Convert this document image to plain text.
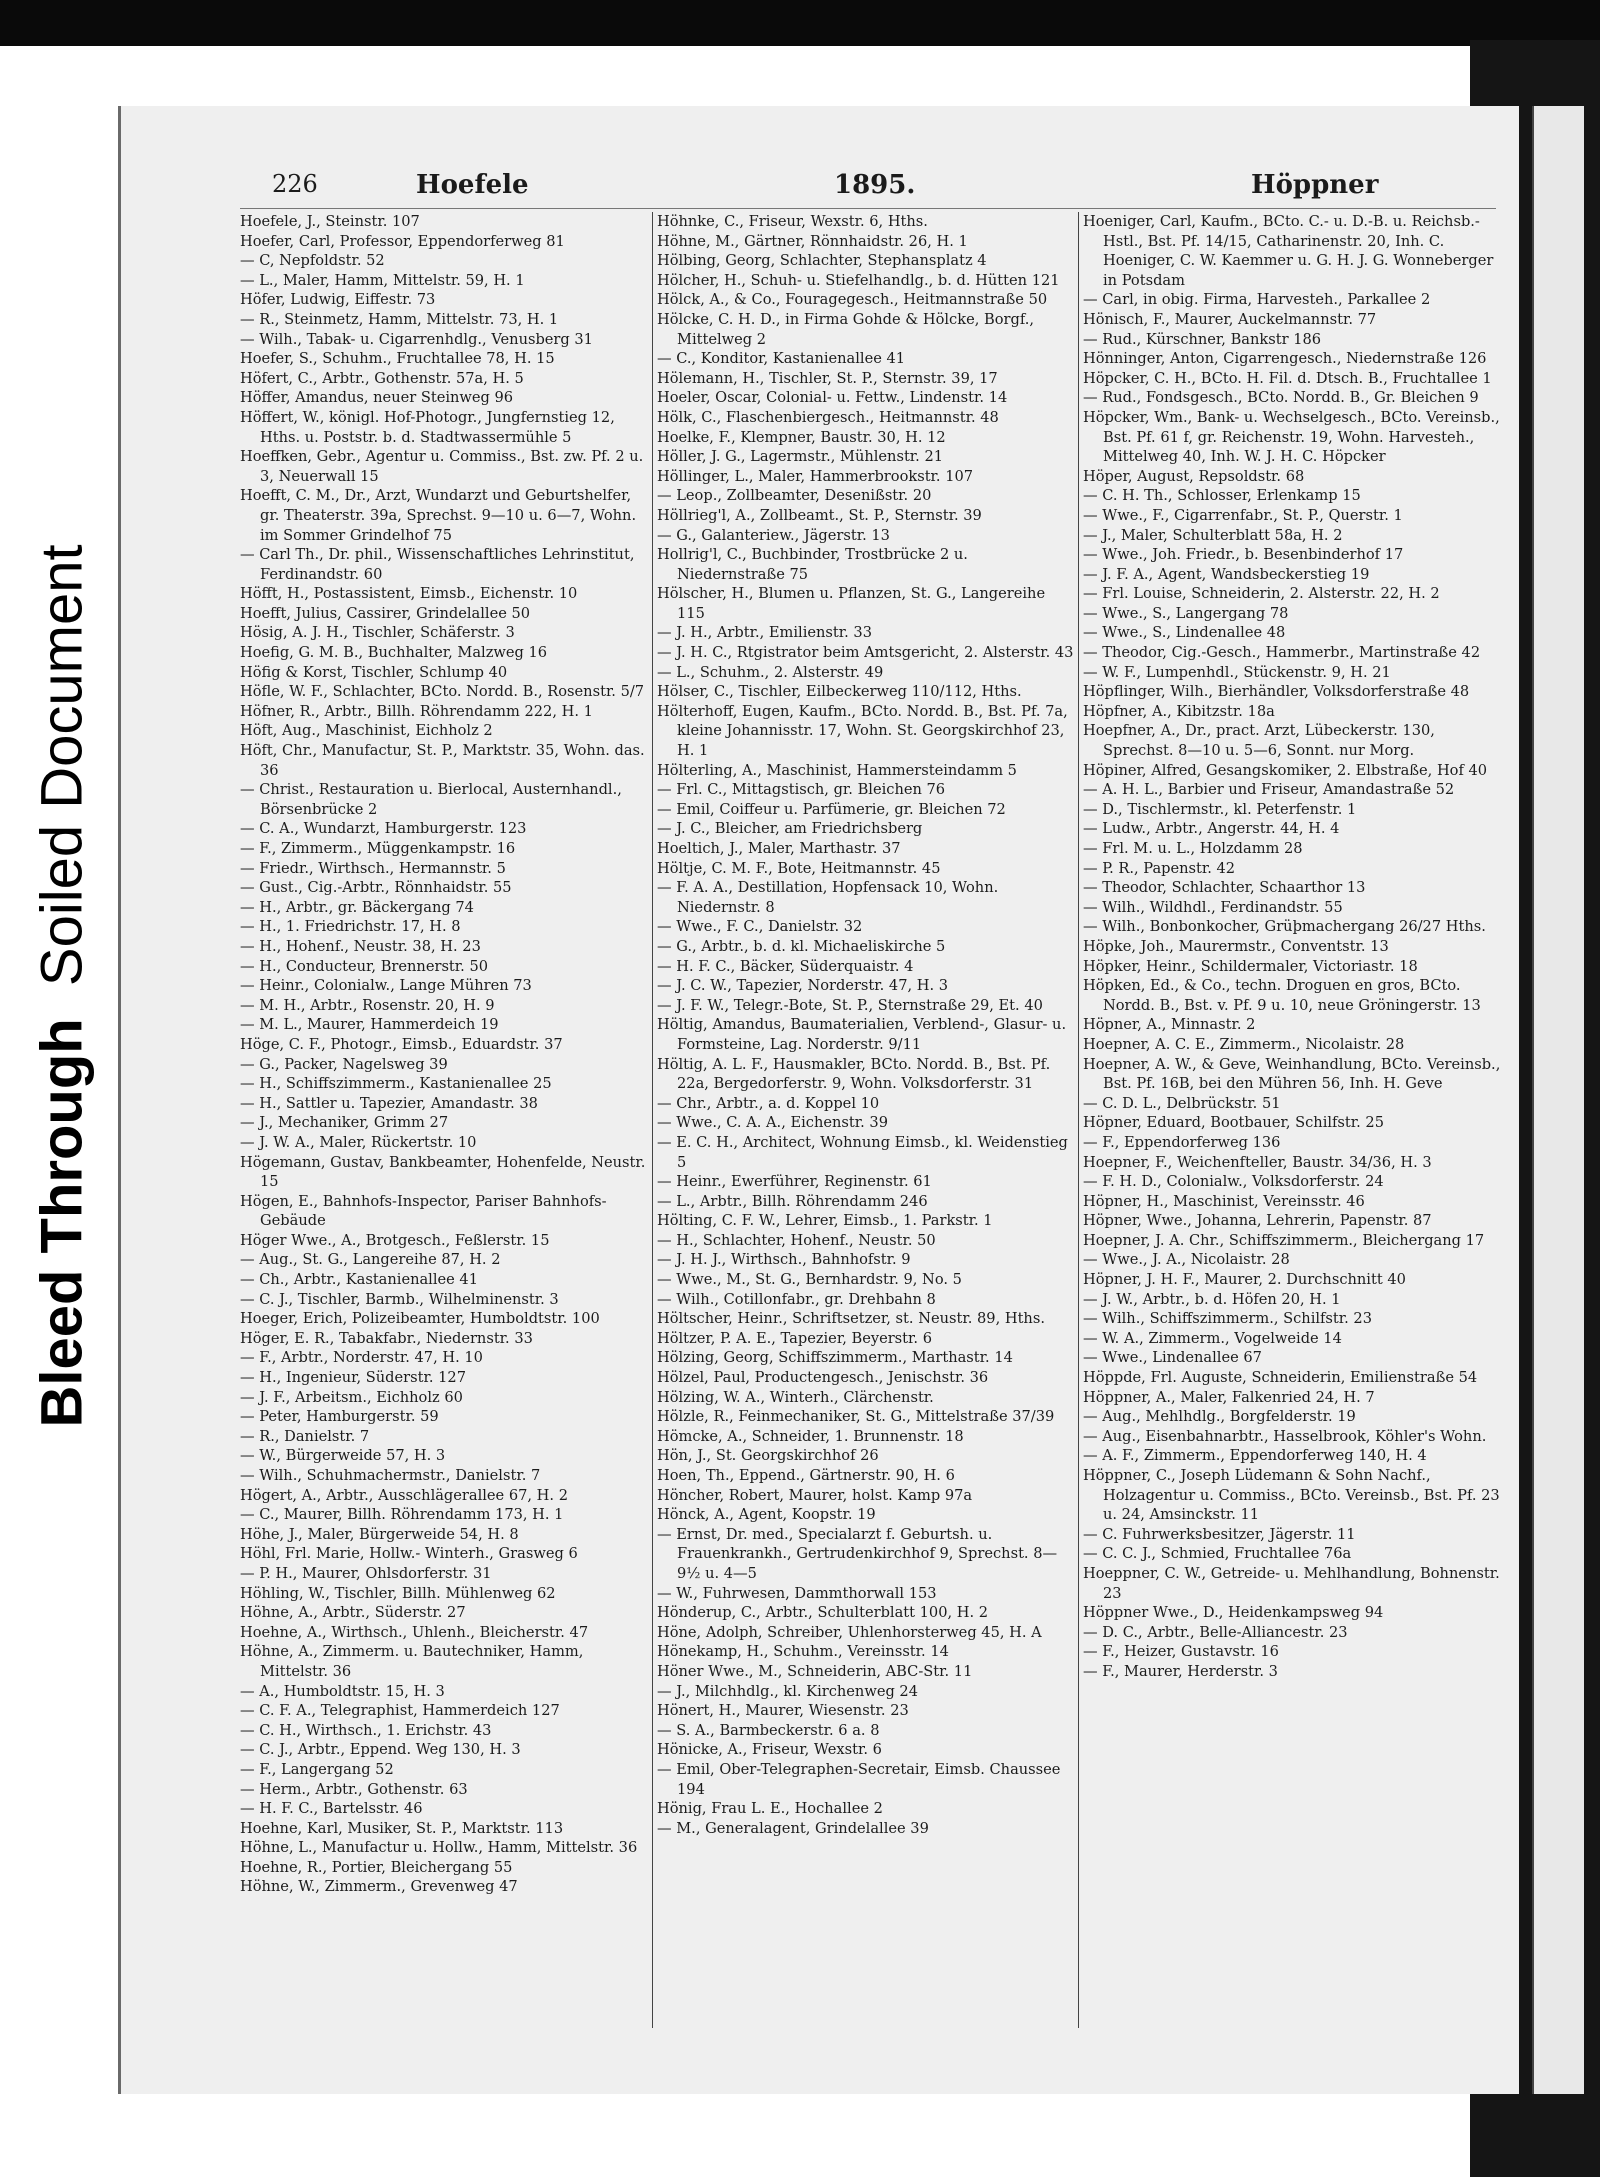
Bleed Through  Soiled Document
226	Hoefele	1895.	Höppner
Hoefele, J., Steinstr. 107
Hoefer, Carl, Professor, Eppendorferweg 81
— C, Nepfoldstr. 52
— L., Maler, Hamm, Mittelstr. 59, H. 1
Höfer, Ludwig, Eiffestr. 73
— R., Steinmetz, Hamm, Mittelstr. 73, H. 1
— Wilh., Tabak- u. Cigarrenhdlg., Venusberg 31
Hoefer, S., Schuhm., Fruchtallee 78, H. 15
Höfert, C., Arbtr., Gothenstr. 57a, H. 5
Höffer, Amandus, neuer Steinweg 96
Höffert, W., königl. Hof-Photogr., Jungfernstieg 12, Hths. u. Poststr. b. d. Stadtwassermühle 5
Hoeffken, Gebr., Agentur u. Commiss., Bst. zw. Pf. 2 u. 3, Neuerwall 15
Hoefft, C. M., Dr., Arzt, Wundarzt und Geburtshelfer, gr. Theaterstr. 39a, Sprechst. 9—10 u. 6—7, Wohn. im Sommer Grindelhof 75
— Carl Th., Dr. phil., Wissenschaftliches Lehrinstitut, Ferdinandstr. 60
Höfft, H., Postassistent, Eimsb., Eichenstr. 10
Hoefft, Julius, Cassirer, Grindelallee 50
Hösig, A. J. H., Tischler, Schäferstr. 3
Hoefig, G. M. B., Buchhalter, Malzweg 16
Höfig & Korst, Tischler, Schlump 40
Höfle, W. F., Schlachter, BCto. Nordd. B., Rosenstr. 5/7
Höfner, R., Arbtr., Billh. Röhrendamm 222, H. 1
Höft, Aug., Maschinist, Eichholz 2
Höft, Chr., Manufactur, St. P., Marktstr. 35, Wohn. das. 36
— Christ., Restauration u. Bierlocal, Austernhandl., Börsenbrücke 2
— C. A., Wundarzt, Hamburgerstr. 123
— F., Zimmerm., Müggenkampstr. 16
— Friedr., Wirthsch., Hermannstr. 5
— Gust., Cig.-Arbtr., Rönnhaidstr. 55
— H., Arbtr., gr. Bäckergang 74
— H., 1. Friedrichstr. 17, H. 8
— H., Hohenf., Neustr. 38, H. 23
— H., Conducteur, Brennerstr. 50
— Heinr., Colonialw., Lange Mühren 73
— M. H., Arbtr., Rosenstr. 20, H. 9
— M. L., Maurer, Hammerdeich 19
Höge, C. F., Photogr., Eimsb., Eduardstr. 37
— G., Packer, Nagelsweg 39
— H., Schiffszimmerm., Kastanienallee 25
— H., Sattler u. Tapezier, Amandastr. 38
— J., Mechaniker, Grimm 27
— J. W. A., Maler, Rückertstr. 10
Högemann, Gustav, Bankbeamter, Hohenfelde, Neustr. 15
Högen, E., Bahnhofs-Inspector, Pariser Bahnhofs-Gebäude
Höger Wwe., A., Brotgesch., Feßlerstr. 15
— Aug., St. G., Langereihe 87, H. 2
— Ch., Arbtr., Kastanienallee 41
— C. J., Tischler, Barmb., Wilhelminenstr. 3
Hoeger, Erich, Polizeibeamter, Humboldtstr. 100
Höger, E. R., Tabakfabr., Niedernstr. 33
— F., Arbtr., Norderstr. 47, H. 10
— H., Ingenieur, Süderstr. 127
— J. F., Arbeitsm., Eichholz 60
— Peter, Hamburgerstr. 59
— R., Danielstr. 7
— W., Bürgerweide 57, H. 3
— Wilh., Schuhmachermstr., Danielstr. 7
Högert, A., Arbtr., Ausschlägerallee 67, H. 2
— C., Maurer, Billh. Röhrendamm 173, H. 1
Höhe, J., Maler, Bürgerweide 54, H. 8
Höhl, Frl. Marie, Hollw.- Winterh., Grasweg 6
— P. H., Maurer, Ohlsdorferstr. 31
Höhling, W., Tischler, Billh. Mühlenweg 62
Höhne, A., Arbtr., Süderstr. 27
Hoehne, A., Wirthsch., Uhlenh., Bleicherstr. 47
Höhne, A., Zimmerm. u. Bautechniker, Hamm, Mittelstr. 36
— A., Humboldtstr. 15, H. 3
— C. F. A., Telegraphist, Hammerdeich 127
— C. H., Wirthsch., 1. Erichstr. 43
— C. J., Arbtr., Eppend. Weg 130, H. 3
— F., Langergang 52
— Herm., Arbtr., Gothenstr. 63
— H. F. C., Bartelsstr. 46
Hoehne, Karl, Musiker, St. P., Marktstr. 113
Höhne, L., Manufactur u. Hollw., Hamm, Mittelstr. 36
Hoehne, R., Portier, Bleichergang 55
Höhne, W., Zimmerm., Grevenweg 47
Höhnke, C., Friseur, Wexstr. 6, Hths.
Höhne, M., Gärtner, Rönnhaidstr. 26, H. 1
Hölbing, Georg, Schlachter, Stephansplatz 4
Hölcher, H., Schuh- u. Stiefelhandlg., b. d. Hütten 121
Hölck, A., & Co., Fouragegesch., Heitmannstraße 50
Hölcke, C. H. D., in Firma Gohde & Hölcke, Borgf., Mittelweg 2
— C., Konditor, Kastanienallee 41
Hölemann, H., Tischler, St. P., Sternstr. 39, 17
Hoeler, Oscar, Colonial- u. Fettw., Lindenstr. 14
Hölk, C., Flaschenbiergesch., Heitmannstr. 48
Hoelke, F., Klempner, Baustr. 30, H. 12
Höller, J. G., Lagermstr., Mühlenstr. 21
Höllinger, L., Maler, Hammerbrookstr. 107
— Leop., Zollbeamter, Desenißstr. 20
Höllrieg'l, A., Zollbeamt., St. P., Sternstr. 39
— G., Galanteriew., Jägerstr. 13
Hollrig'l, C., Buchbinder, Trostbrücke 2 u. Niedernstraße 75
Hölscher, H., Blumen u. Pflanzen, St. G., Langereihe 115
— J. H., Arbtr., Emilienstr. 33
— J. H. C., Rtgistrator beim Amtsgericht, 2. Alsterstr. 43
— L., Schuhm., 2. Alsterstr. 49
Hölser, C., Tischler, Eilbeckerweg 110/112, Hths.
Hölterhoff, Eugen, Kaufm., BCto. Nordd. B., Bst. Pf. 7a, kleine Johannisstr. 17, Wohn. St. Georgskirchhof 23, H. 1
Hölterling, A., Maschinist, Hammersteindamm 5
— Frl. C., Mittagstisch, gr. Bleichen 76
— Emil, Coiffeur u. Parfümerie, gr. Bleichen 72
— J. C., Bleicher, am Friedrichsberg
Hoeltich, J., Maler, Marthastr. 37
Höltje, C. M. F., Bote, Heitmannstr. 45
— F. A. A., Destillation, Hopfensack 10, Wohn. Niedernstr. 8
— Wwe., F. C., Danielstr. 32
— G., Arbtr., b. d. kl. Michaeliskirche 5
— H. F. C., Bäcker, Süderquaistr. 4
— J. C. W., Tapezier, Norderstr. 47, H. 3
— J. F. W., Telegr.-Bote, St. P., Sternstraße 29, Et. 40
Höltig, Amandus, Baumaterialien, Verblend-, Glasur- u. Formsteine, Lag. Norderstr. 9/11
Höltig, A. L. F., Hausmakler, BCto. Nordd. B., Bst. Pf. 22a, Bergedorferstr. 9, Wohn. Volksdorferstr. 31
— Chr., Arbtr., a. d. Koppel 10
— Wwe., C. A. A., Eichenstr. 39
— E. C. H., Architect, Wohnung Eimsb., kl. Weidenstieg 5
— Heinr., Ewerführer, Reginenstr. 61
— L., Arbtr., Billh. Röhrendamm 246
Hölting, C. F. W., Lehrer, Eimsb., 1. Parkstr. 1
— H., Schlachter, Hohenf., Neustr. 50
— J. H. J., Wirthsch., Bahnhofstr. 9
— Wwe., M., St. G., Bernhardstr. 9, No. 5
— Wilh., Cotillonfabr., gr. Drehbahn 8
Höltscher, Heinr., Schriftsetzer, st. Neustr. 89, Hths.
Höltzer, P. A. E., Tapezier, Beyerstr. 6
Hölzing, Georg, Schiffszimmerm., Marthastr. 14
Hölzel, Paul, Productengesch., Jenischstr. 36
Hölzing, W. A., Winterh., Clärchenstr.
Hölzle, R., Feinmechaniker, St. G., Mittelstraße 37/39
Hömcke, A., Schneider, 1. Brunnenstr. 18
Hön, J., St. Georgskirchhof 26
Hoen, Th., Eppend., Gärtnerstr. 90, H. 6
Höncher, Robert, Maurer, holst. Kamp 97a
Hönck, A., Agent, Koopstr. 19
— Ernst, Dr. med., Specialarzt f. Geburtsh. u. Frauenkrankh., Gertrudenkirchhof 9, Sprechst. 8—9½ u. 4—5
— W., Fuhrwesen, Dammthorwall 153
Hönderup, C., Arbtr., Schulterblatt 100, H. 2
Höne, Adolph, Schreiber, Uhlenhorsterweg 45, H. A
Hönekamp, H., Schuhm., Vereinsstr. 14
Höner Wwe., M., Schneiderin, ABC-Str. 11
— J., Milchhdlg., kl. Kirchenweg 24
Hönert, H., Maurer, Wiesenstr. 23
— S. A., Barmbeckerstr. 6 a. 8
Hönicke, A., Friseur, Wexstr. 6
— Emil, Ober-Telegraphen-Secretair, Eimsb. Chaussee 194
Hönig, Frau L. E., Hochallee 2
— M., Generalagent, Grindelallee 39
Hoeniger, Carl, Kaufm., BCto. C.- u. D.-B. u. Reichsb.-Hstl., Bst. Pf. 14/15, Catharinenstr. 20, Inh. C. Hoeniger, C. W. Kaemmer u. G. H. J. G. Wonneberger in Potsdam
— Carl, in obig. Firma, Harvesteh., Parkallee 2
Hönisch, F., Maurer, Auckelmannstr. 77
— Rud., Kürschner, Bankstr 186
Hönninger, Anton, Cigarrengesch., Niedernstraße 126
Höpcker, C. H., BCto. H. Fil. d. Dtsch. B., Fruchtallee 1
— Rud., Fondsgesch., BCto. Nordd. B., Gr. Bleichen 9
Höpcker, Wm., Bank- u. Wechselgesch., BCto. Vereinsb., Bst. Pf. 61 f, gr. Reichenstr. 19, Wohn. Harvesteh., Mittelweg 40, Inh. W. J. H. C. Höpcker
Höper, August, Repsoldstr. 68
— C. H. Th., Schlosser, Erlenkamp 15
— Wwe., F., Cigarrenfabr., St. P., Querstr. 1
— J., Maler, Schulterblatt 58a, H. 2
— Wwe., Joh. Friedr., b. Besenbinderhof 17
— J. F. A., Agent, Wandsbeckerstieg 19
— Frl. Louise, Schneiderin, 2. Alsterstr. 22, H. 2
— Wwe., S., Langergang 78
— Wwe., S., Lindenallee 48
— Theodor, Cig.-Gesch., Hammerbr., Martinstraße 42
— W. F., Lumpenhdl., Stückenstr. 9, H. 21
Höpflinger, Wilh., Bierhändler, Volksdorferstraße 48
Höpfner, A., Kibitzstr. 18a
Hoepfner, A., Dr., pract. Arzt, Lübeckerstr. 130, Sprechst. 8—10 u. 5—6, Sonnt. nur Morg.
Höpiner, Alfred, Gesangskomiker, 2. Elbstraße, Hof 40
— A. H. L., Barbier und Friseur, Amandastraße 52
— D., Tischlermstr., kl. Peterfenstr. 1
— Ludw., Arbtr., Angerstr. 44, H. 4
— Frl. M. u. L., Holzdamm 28
— P. R., Papenstr. 42
— Theodor, Schlachter, Schaarthor 13
— Wilh., Wildhdl., Ferdinandstr. 55
— Wilh., Bonbonkocher, Grüþmachergang 26/27 Hths.
Höpke, Joh., Maurermstr., Conventstr. 13
Höpker, Heinr., Schildermaler, Victoriastr. 18
Höpken, Ed., & Co., techn. Droguen en gros, BCto. Nordd. B., Bst. v. Pf. 9 u. 10, neue Gröningerstr. 13
Höpner, A., Minnastr. 2
Hoepner, A. C. E., Zimmerm., Nicolaistr. 28
Hoepner, A. W., & Geve, Weinhandlung, BCto. Vereinsb., Bst. Pf. 16B, bei den Mühren 56, Inh. H. Geve
— C. D. L., Delbrückstr. 51
Höpner, Eduard, Bootbauer, Schilfstr. 25
— F., Eppendorferweg 136
Hoepner, F., Weichenfteller, Baustr. 34/36, H. 3
— F. H. D., Colonialw., Volksdorferstr. 24
Höpner, H., Maschinist, Vereinsstr. 46
Höpner, Wwe., Johanna, Lehrerin, Papenstr. 87
Hoepner, J. A. Chr., Schiffszimmerm., Bleichergang 17
— Wwe., J. A., Nicolaistr. 28
Höpner, J. H. F., Maurer, 2. Durchschnitt 40
— J. W., Arbtr., b. d. Höfen 20, H. 1
— Wilh., Schiffszimmerm., Schilfstr. 23
— W. A., Zimmerm., Vogelweide 14
— Wwe., Lindenallee 67
Höppde, Frl. Auguste, Schneiderin, Emilienstraße 54
Höppner, A., Maler, Falkenried 24, H. 7
— Aug., Mehlhdlg., Borgfelderstr. 19
— Aug., Eisenbahnarbtr., Hasselbrook, Köhler's Wohn.
— A. F., Zimmerm., Eppendorferweg 140, H. 4
Höppner, C., Joseph Lüdemann & Sohn Nachf., Holzagentur u. Commiss., BCto. Vereinsb., Bst. Pf. 23 u. 24, Amsinckstr. 11
— C. Fuhrwerksbesitzer, Jägerstr. 11
— C. C. J., Schmied, Fruchtallee 76a
Hoeppner, C. W., Getreide- u. Mehlhandlung, Bohnenstr. 23
Höppner Wwe., D., Heidenkampsweg 94
— D. C., Arbtr., Belle-Alliancestr. 23
— F., Heizer, Gustavstr. 16
— F., Maurer, Herderstr. 3
